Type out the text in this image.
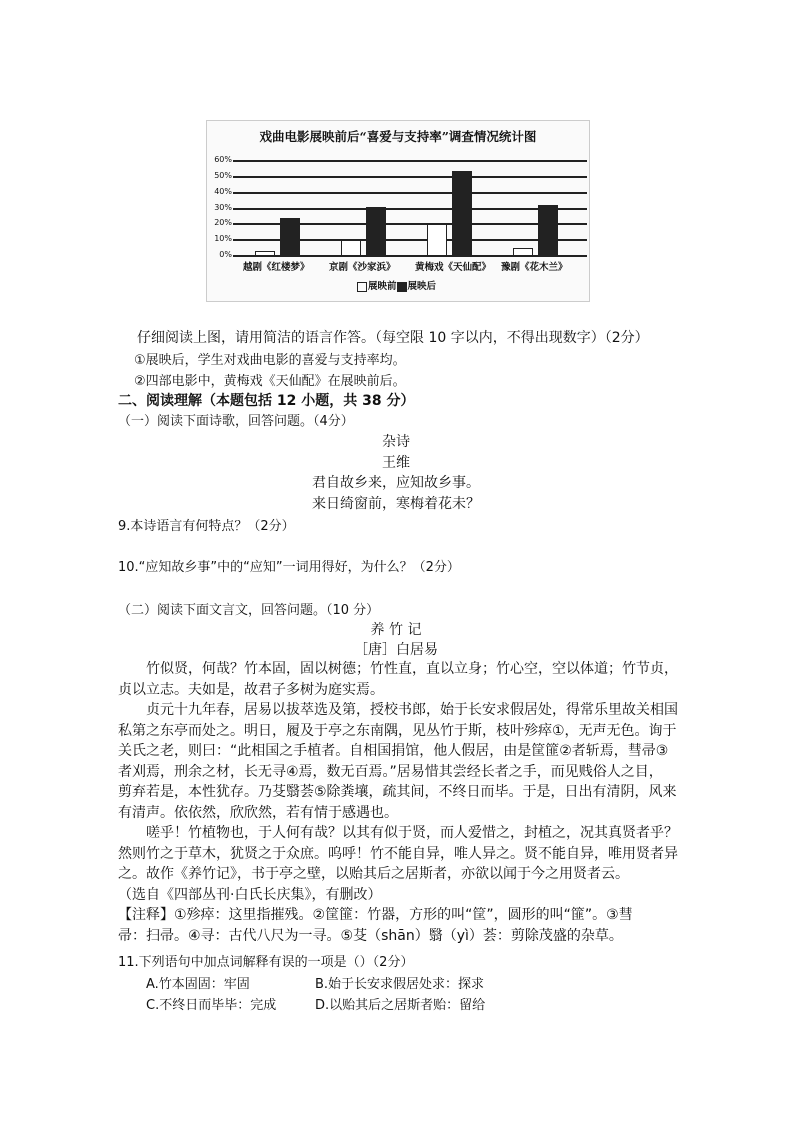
戏曲电影展映前后“喜爱与支持率”调查情况统计图
0%
10%
20%
30%
40%
50%
60%
越剧《红楼梦》 京剧《沙家浜》 黄梅戏《天仙配》 豫剧《花木兰》
展映前 展映后
仔细阅读上图，请用简洁的语言作答。（每空限 10 字以内，不得出现数字）（2分）
①展映后，学生对戏曲电影的喜爱与支持率均。
②四部电影中，黄梅戏《天仙配》在展映前后。
二、阅读理解（本题包括 12 小题，共 38 分）
（一）阅读下面诗歌，回答问题。（4分）
杂诗
王维
君自故乡来，应知故乡事。
来日绮窗前，寒梅着花未？
9.本诗语言有何特点？（2分）
10.“应知故乡事”中的“应知”一词用得好，为什么？（2分）
（二）阅读下面文言文，回答问题。（10 分）
养 竹 记
［唐］白居易
竹似贤，何哉？竹本固，固以树德；竹性直，直以立身；竹心空，空以体道；竹节贞，
贞以立志。夫如是，故君子多树为庭实焉。
贞元十九年春，居易以拔萃选及第，授校书郎，始于长安求假居处，得常乐里故关相国
私第之东亭而处之。明日，履及于亭之东南隅，见丛竹于斯，枝叶殄瘁①，无声无色。询于
关氏之老，则曰：“此相国之手植者。自相国捐馆，他人假居，由是筐篚②者斩焉，彗帚③
者刈焉，刑余之材，长无寻④焉，数无百焉。”居易惜其尝经长者之手，而见贱俗人之目，
剪弃若是，本性犹存。乃芟翳荟⑤除粪壤，疏其间，不终日而毕。于是，日出有清阴，风来
有清声。依依然，欣欣然，若有情于感遇也。
嗟乎！竹植物也，于人何有哉？以其有似于贤，而人爱惜之，封植之，况其真贤者乎？
然则竹之于草木，犹贤之于众庶。呜呼！竹不能自异，唯人异之。贤不能自异，唯用贤者异
之。故作《养竹记》，书于亭之壁，以贻其后之居斯者，亦欲以闻于今之用贤者云。
（选自《四部丛刊·白氏长庆集》，有删改）
【注释】①殄瘁：这里指摧残。②筐篚：竹器，方形的叫“筐”，圆形的叫“篚”。③彗
帚：扫帚。④寻：古代八尺为一寻。⑤芟（shān）翳（yì）荟：剪除茂盛的杂草。
11.下列语句中加点词解释有误的一项是（）（2分）
A.竹本固固：牢固	B.始于长安求假居处求：探求
C.不终日而毕毕：完成	D.以贻其后之居斯者贻：留给
